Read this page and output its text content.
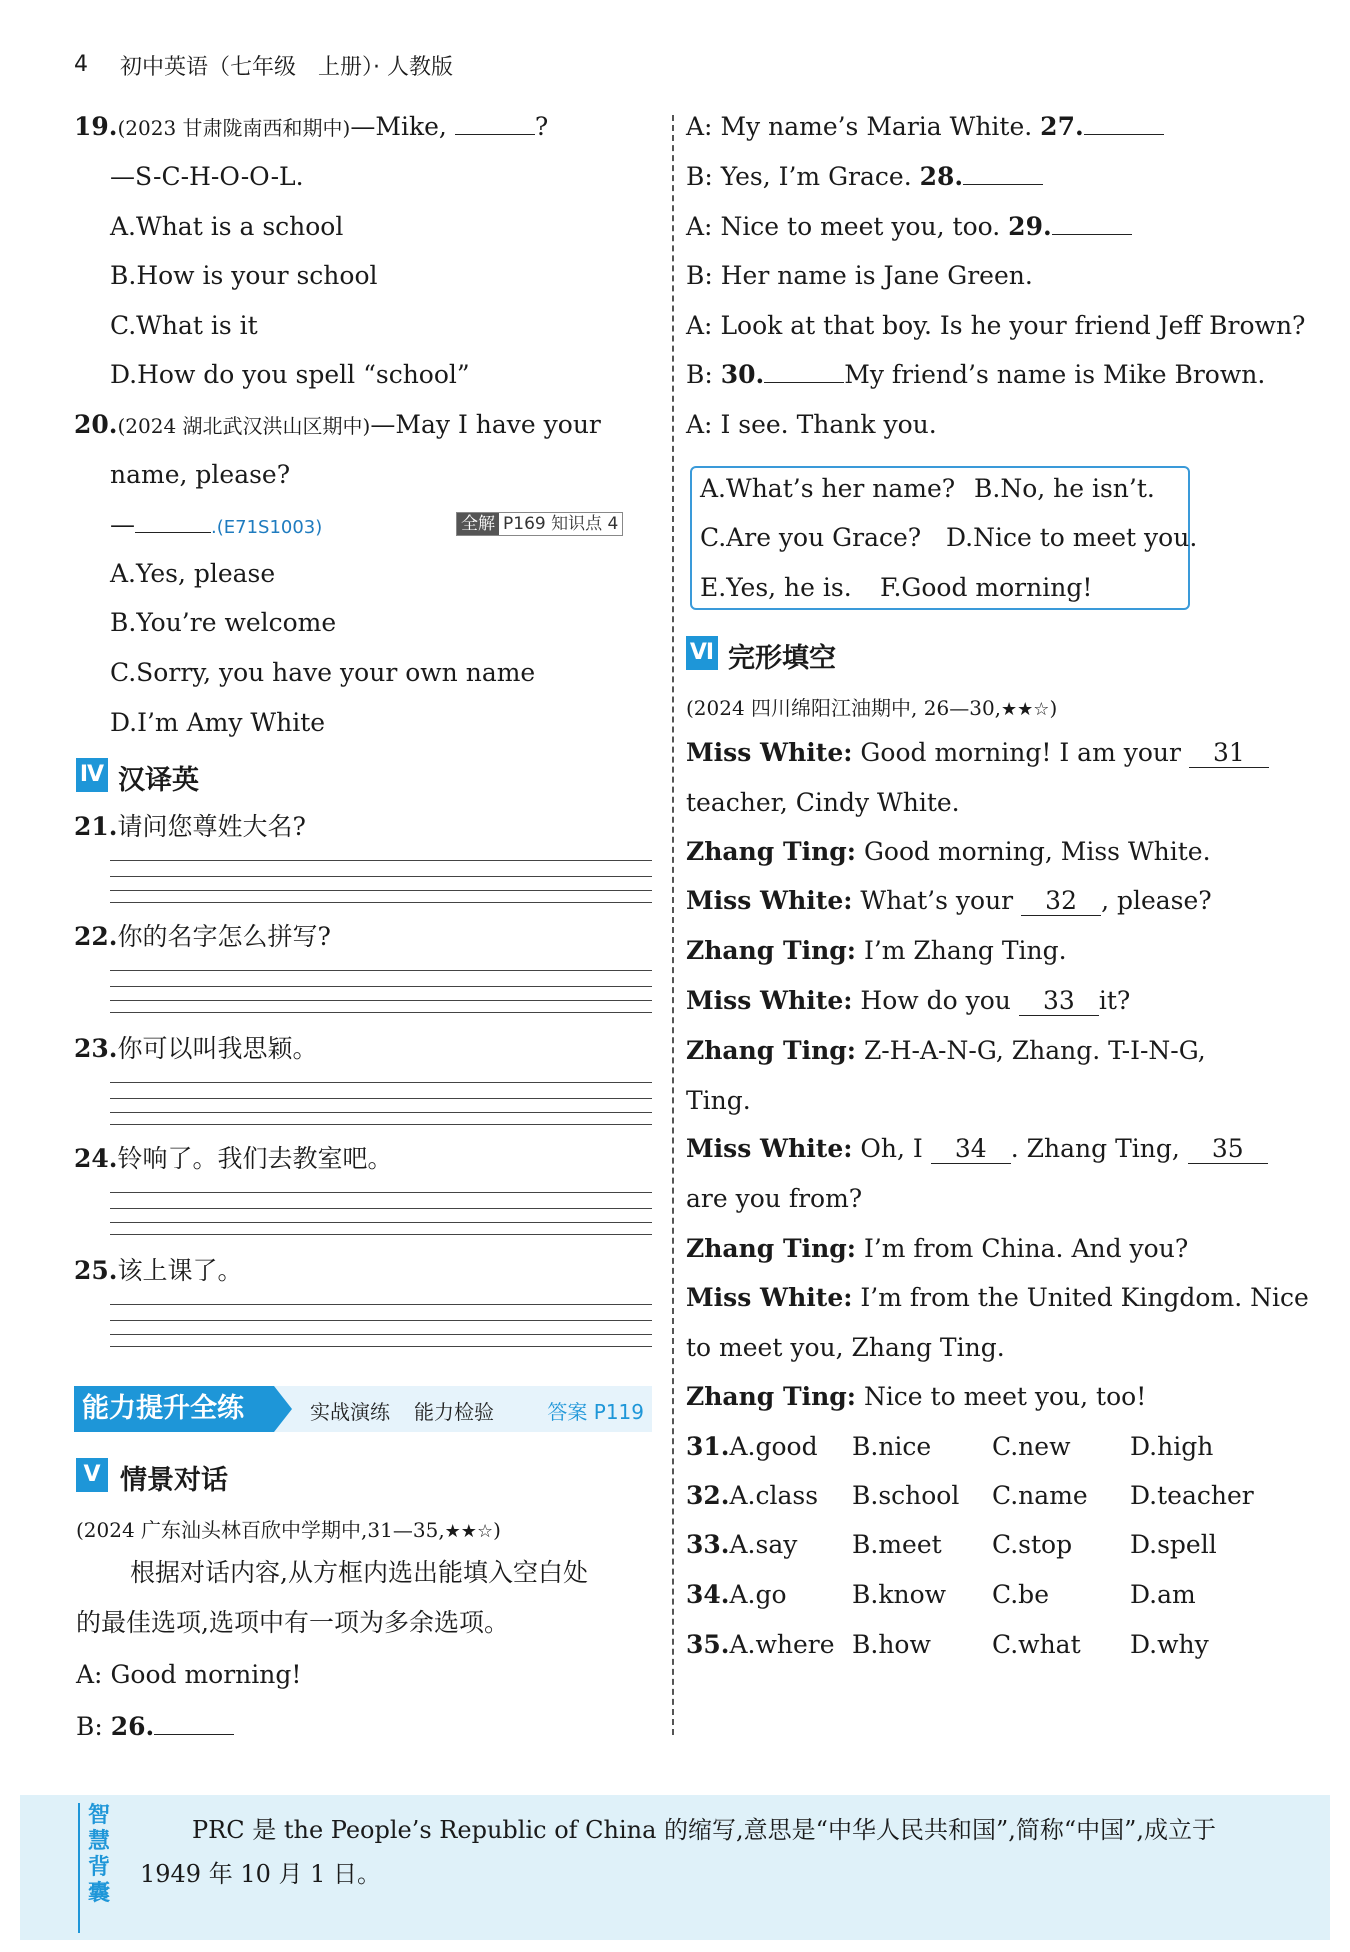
4 初中英语（七年级　上册）· 人教版
19.(2023 甘肃陇南西和期中)—Mike,	?
—S-C-H-O-O-L.
A.What is a school
B.How is your school
C.What is it
D.How do you spell “school”
20.(2024 湖北武汉洪山区期中)—May I have your
name, please?
—	.(E71S1003)	全解 P169 知识点 4
A.Yes, please
B.You’re welcome
C.Sorry, you have your own name
D.I’m Amy White
Ⅳ 汉译英
21.请问您尊姓大名?
22.你的名字怎么拼写?
23.你可以叫我思颖。
24.铃响了。我们去教室吧。
25.该上课了。
能力提升全练	实战演练 能力检验	答案 P119
Ⅴ 情景对话
(2024 广东汕头林百欣中学期中,31—35,★★☆)
根据对话内容,从方框内选出能填入空白处
的最佳选项,选项中有一项为多余选项。
A: Good morning!
B: 26.
A: My name’s Maria White. 27.
B: Yes, I’m Grace. 28.
A: Nice to meet you, too. 29.
B: Her name is Jane Green.
A: Look at that boy. Is he your friend Jeff Brown?
B: 30.	My friend’s name is Mike Brown.
A: I see. Thank you.
A.What’s her name? B.No, he isn’t.
C.Are you Grace? D.Nice to meet you.
E.Yes, he is. F.Good morning!
Ⅵ 完形填空
(2024 四川绵阳江油期中, 26—30,★★☆)
Miss White: Good morning! I am your 31
teacher, Cindy White.
Zhang Ting: Good morning, Miss White.
Miss White: What’s your 32 , please?
Zhang Ting: I’m Zhang Ting.
Miss White: How do you 33 it?
Zhang Ting: Z-H-A-N-G, Zhang. T-I-N-G,
Ting.
Miss White: Oh, I 34 . Zhang Ting, 35
are you from?
Zhang Ting: I’m from China. And you?
Miss White: I’m from the United Kingdom. Nice
to meet you, Zhang Ting.
Zhang Ting: Nice to meet you, too!
31.A.good B.nice C.new D.high
32.A.class B.school C.name D.teacher
33.A.say B.meet C.stop D.spell
34.A.go	B.know C.be	D.am
35.A.where B.how C.what D.why
智慧背囊
PRC 是 the People’s Republic of China 的缩写,意思是“中华人民共和国”,简称“中国”,成立于
1949 年 10 月 1 日。
